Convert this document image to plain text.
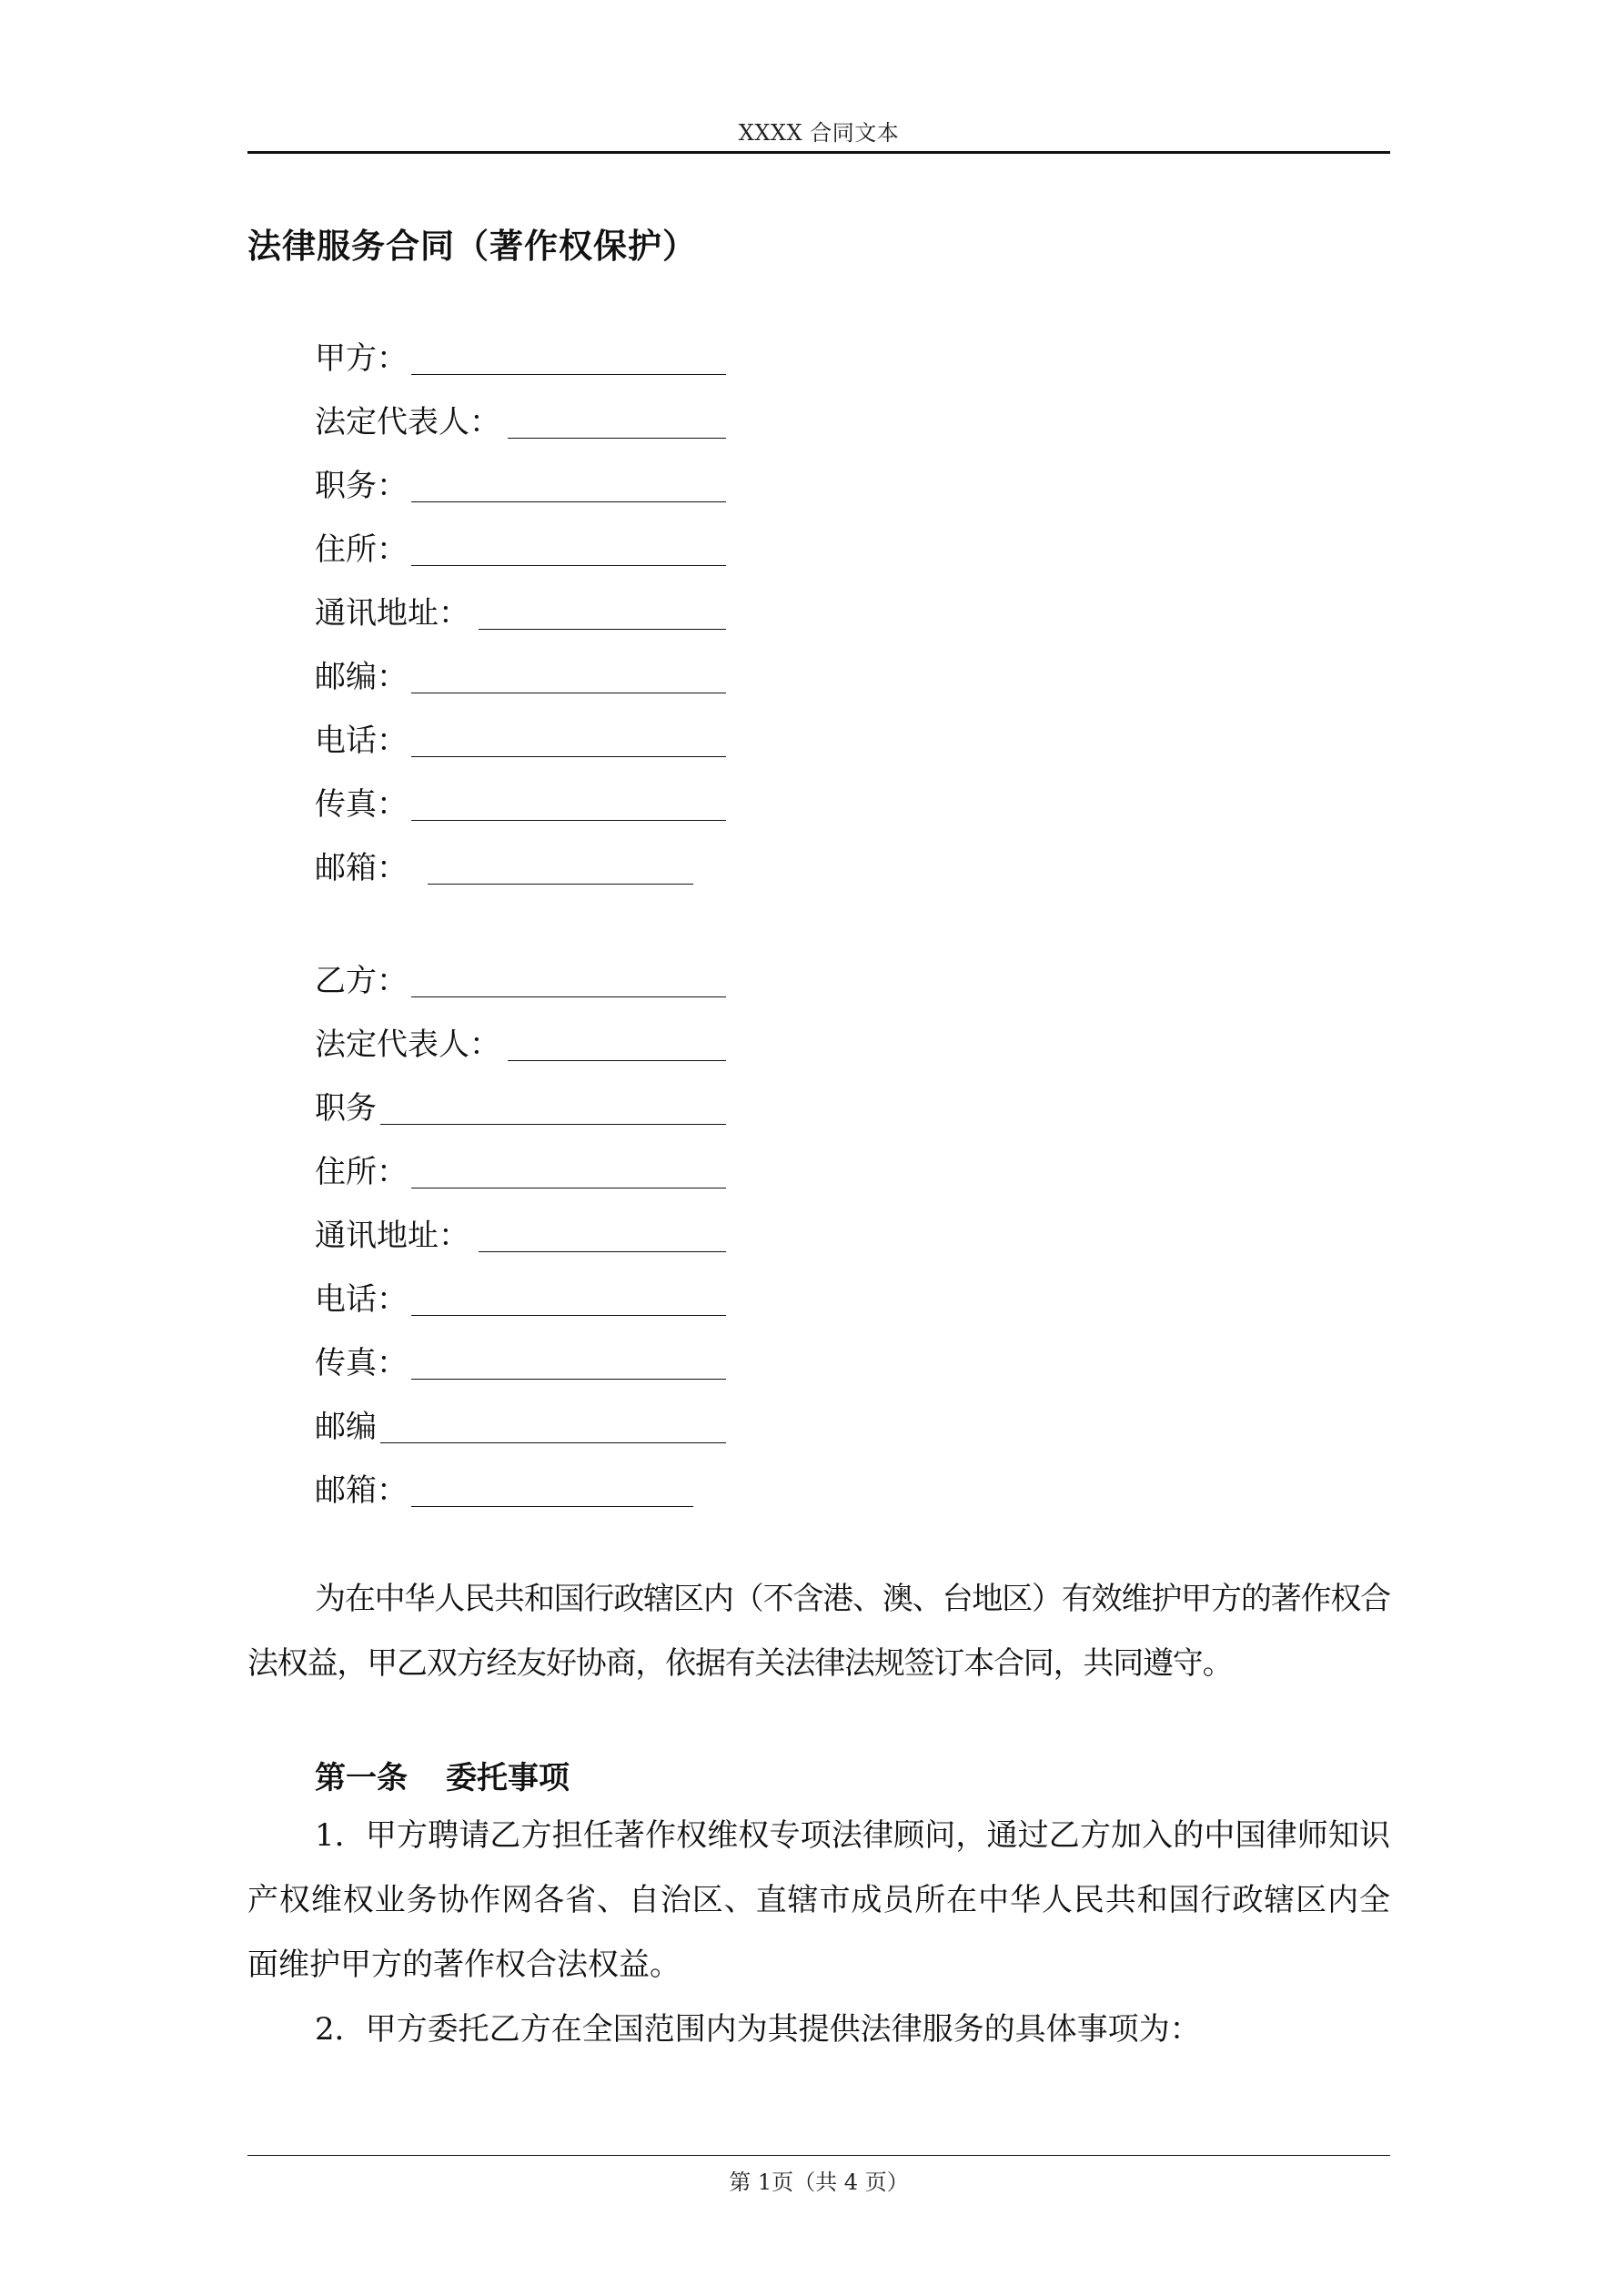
XXXX 合同文本
法律服务合同（著作权保护）
甲方：
法定代表人：
职务：
住所：
通讯地址：
邮编：
电话：
传真：
邮箱：
乙方：
法定代表人：
职务
住所：
通讯地址：
电话：
传真：
邮编
邮箱：

为在中华人民共和国行政辖区内（不含港、澳、台地区）有效维护甲方的著作权合法权益，甲乙双方经友好协商，依据有关法律法规签订本合同，共同遵守。

第一条 委托事项

1．甲方聘请乙方担任著作权维权专项法律顾问，通过乙方加入的中国律师知识产权维权业务协作网各省、自治区、直辖市成员所在中华人民共和国行政辖区内全面维护甲方的著作权合法权益。

2．甲方委托乙方在全国范围内为其提供法律服务的具体事项为：

第 1页（共 4 页）
